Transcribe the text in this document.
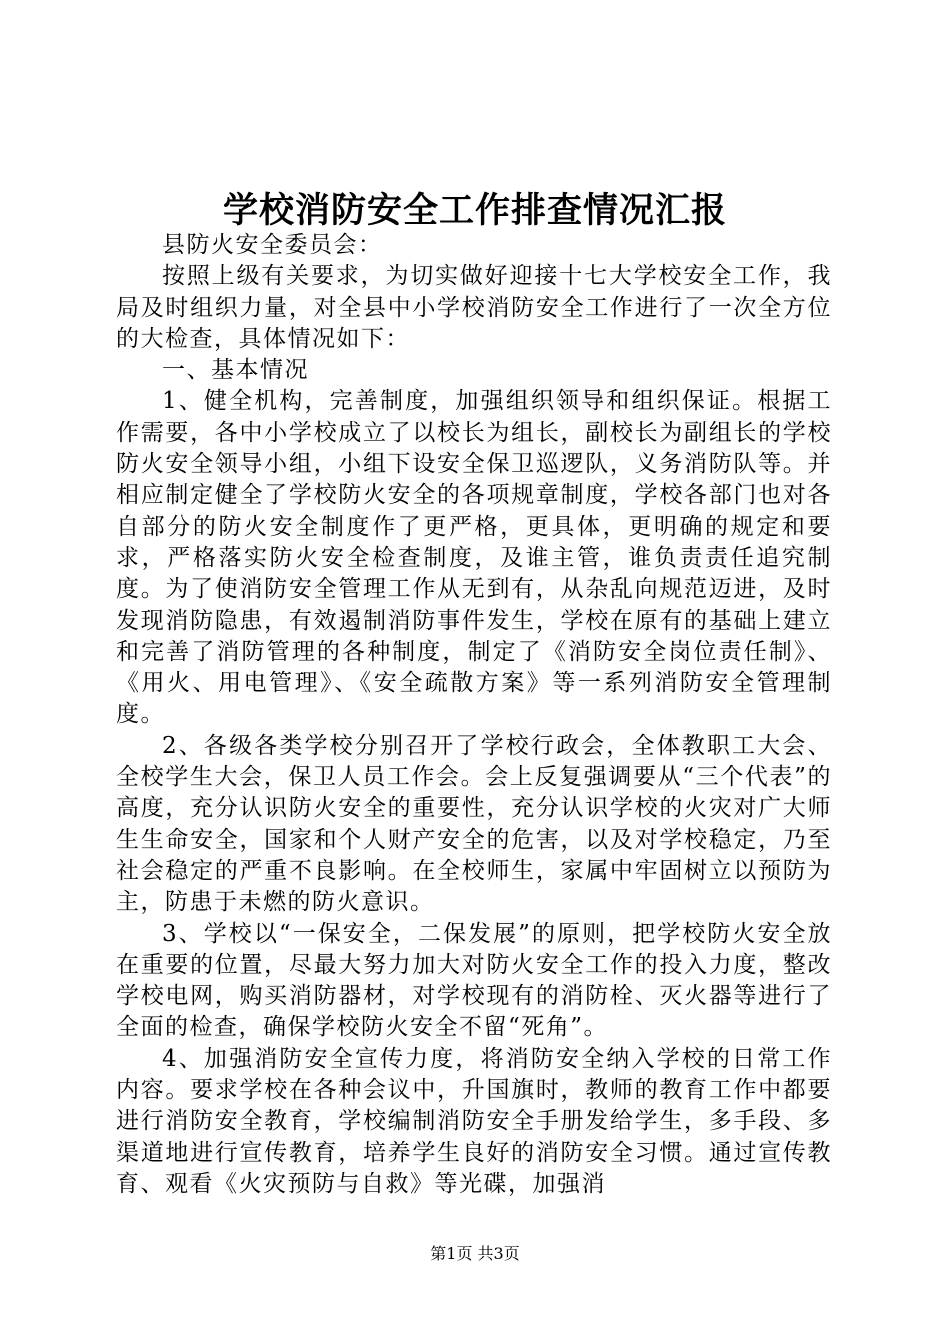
学校消防安全工作排查情况汇报

县防火安全委员会：

按照上级有关要求，为切实做好迎接十七大学校安全工作，我局及时组织力量，对全县中小学校消防安全工作进行了一次全方位的大检查，具体情况如下：

一、基本情况

1、健全机构，完善制度，加强组织领导和组织保证。根据工作需要，各中小学校成立了以校长为组长，副校长为副组长的学校防火安全领导小组，小组下设安全保卫巡逻队，义务消防队等。并相应制定健全了学校防火安全的各项规章制度，学校各部门也对各自部分的防火安全制度作了更严格，更具体，更明确的规定和要求，严格落实防火安全检查制度，及谁主管，谁负责责任追究制度。为了使消防安全管理工作从无到有，从杂乱向规范迈进，及时发现消防隐患，有效遏制消防事件发生，学校在原有的基础上建立和完善了消防管理的各种制度，制定了《消防安全岗位责任制》、《用火、用电管理》、《安全疏散方案》等一系列消防安全管理制度。

2、各级各类学校分别召开了学校行政会，全体教职工大会、全校学生大会，保卫人员工作会。会上反复强调要从“三个代表”的高度，充分认识防火安全的重要性，充分认识学校的火灾对广大师生生命安全，国家和个人财产安全的危害，以及对学校稳定，乃至社会稳定的严重不良影响。在全校师生，家属中牢固树立以预防为主，防患于未燃的防火意识。

3、学校以“一保安全，二保发展”的原则，把学校防火安全放在重要的位置，尽最大努力加大对防火安全工作的投入力度，整改学校电网，购买消防器材，对学校现有的消防栓、灭火器等进行了全面的检查，确保学校防火安全不留“死角”。

4、加强消防安全宣传力度，将消防安全纳入学校的日常工作内容。要求学校在各种会议中，升国旗时，教师的教育工作中都要进行消防安全教育，学校编制消防安全手册发给学生，多手段、多渠道地进行宣传教育，培养学生良好的消防安全习惯。通过宣传教育、观看《火灾预防与自救》等光碟，加强消

第1页 共3页
